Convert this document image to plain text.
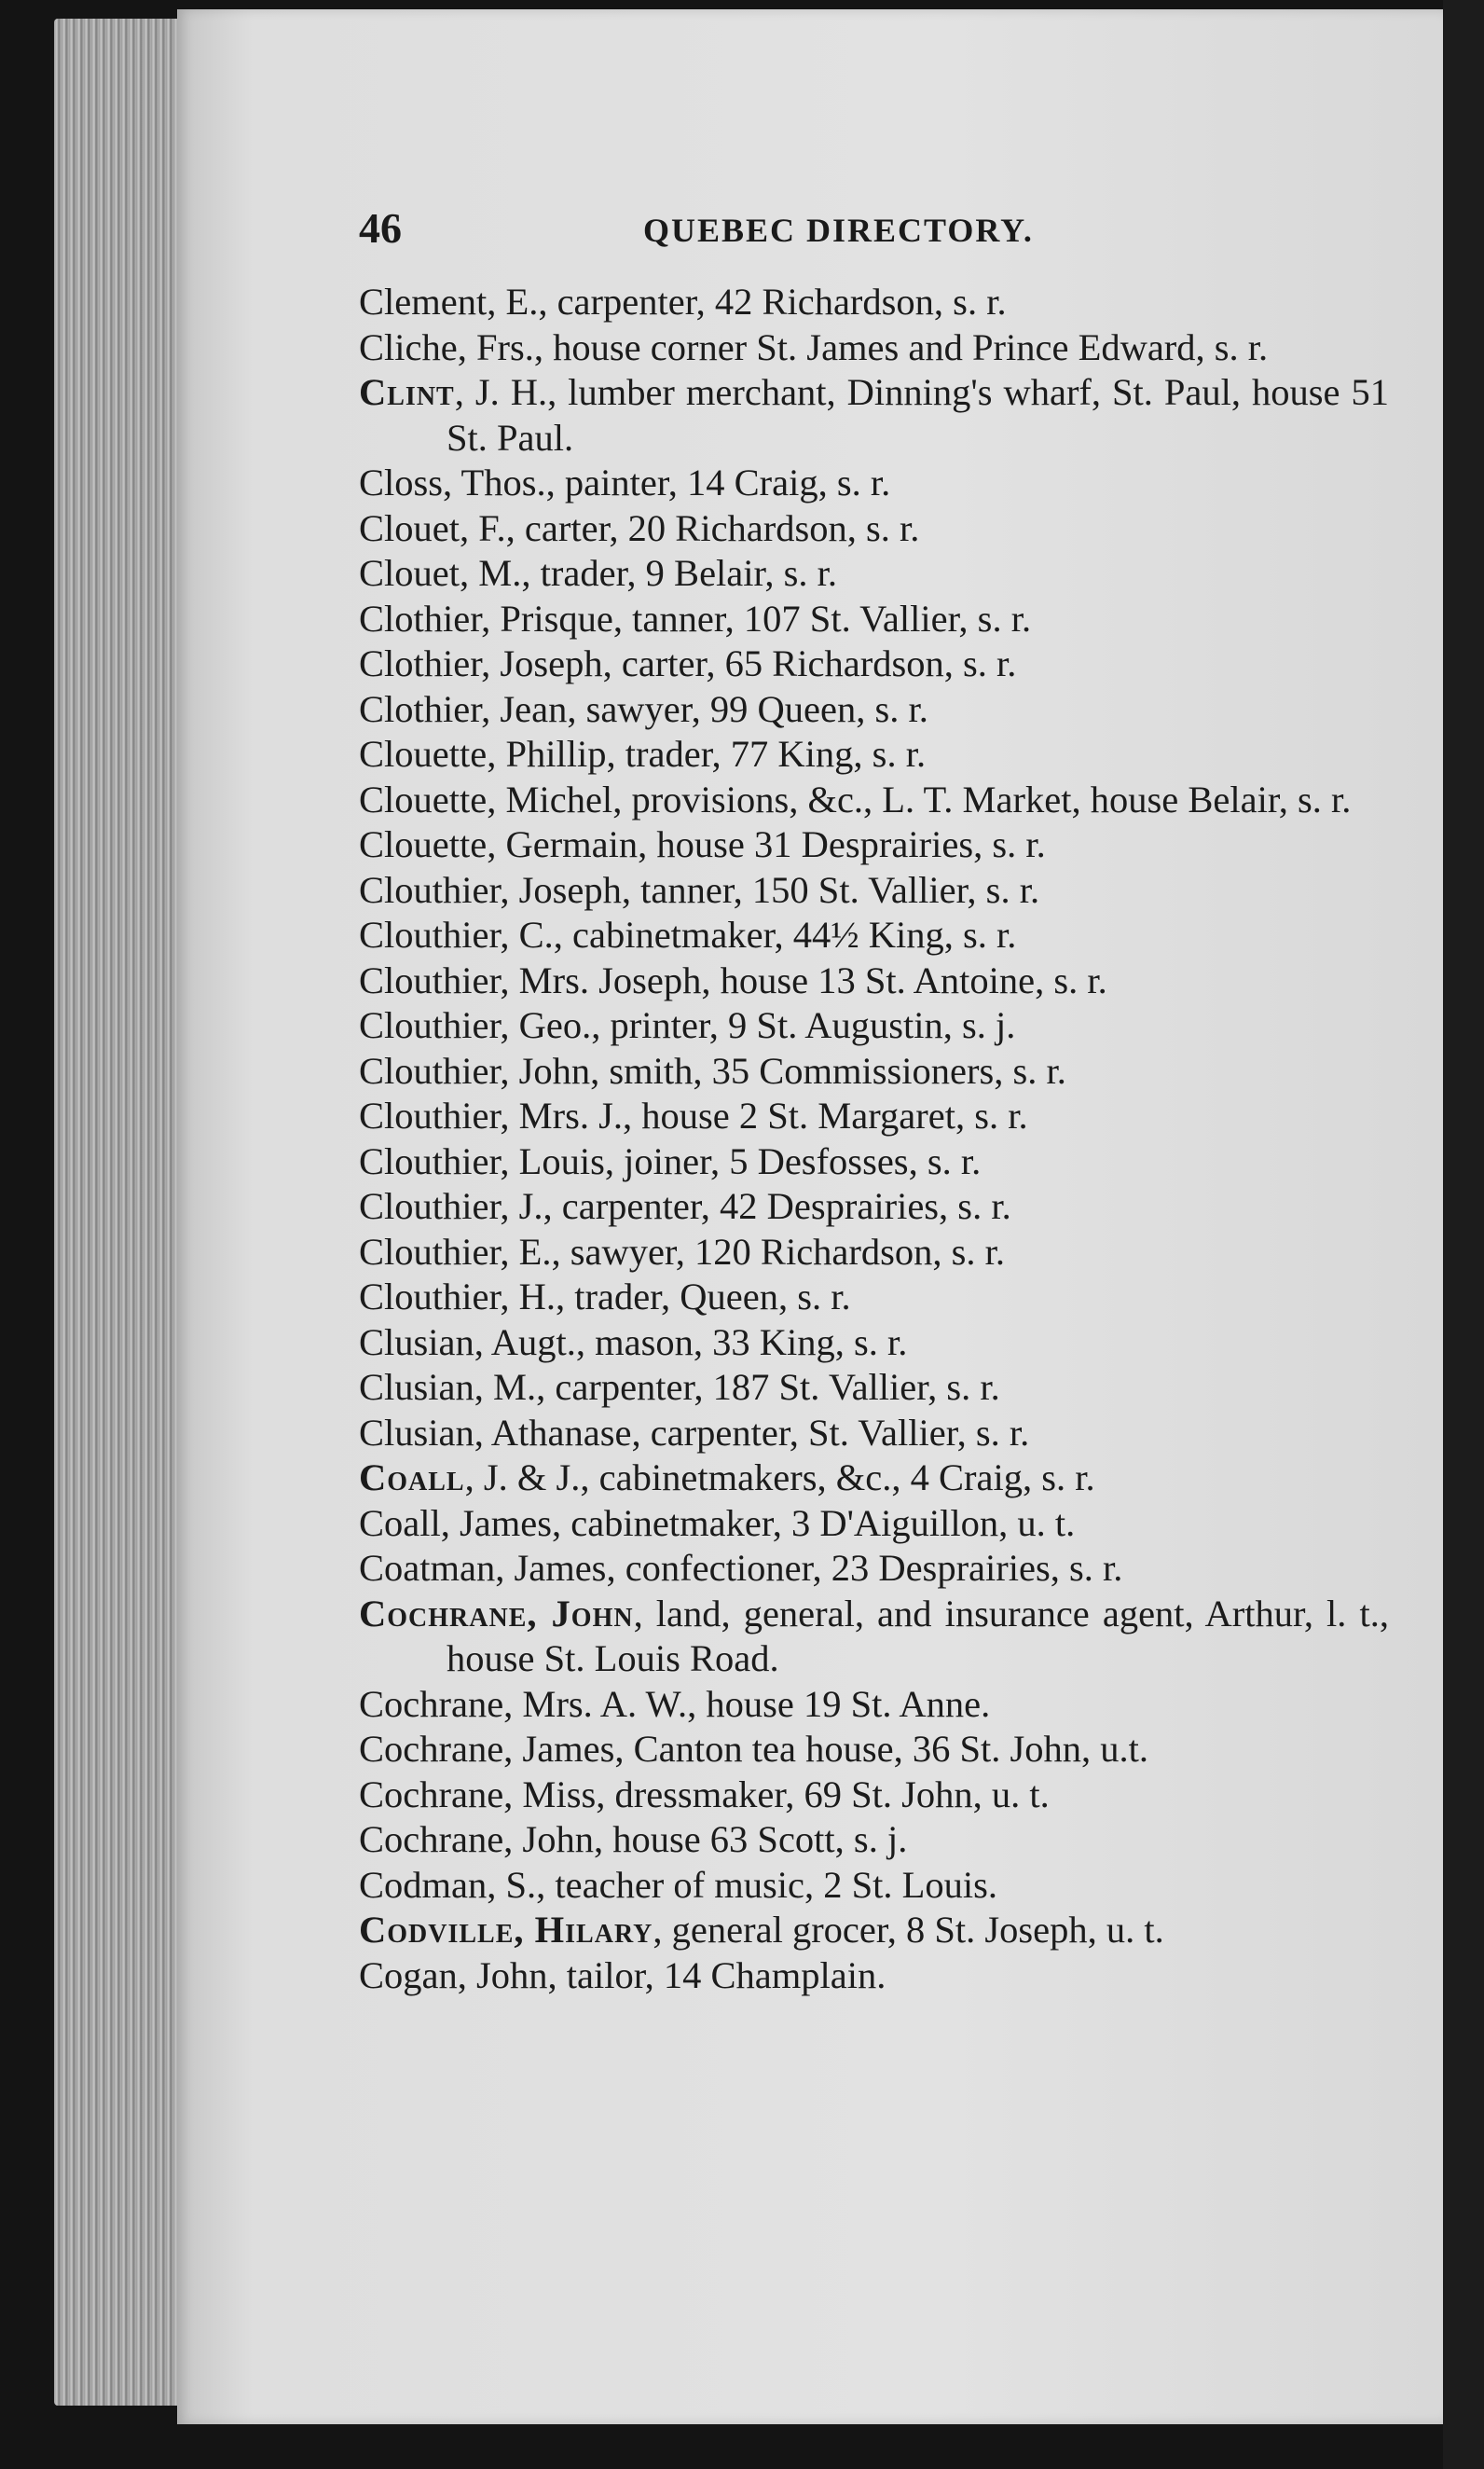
46	QUEBEC DIRECTORY.
Clement, E., carpenter, 42 Richardson, s. r.
Cliche, Frs., house corner St. James and Prince Edward, s. r.
Clint, J. H., lumber merchant, Dinning's wharf, St. Paul, house 51 St. Paul.
Closs, Thos., painter, 14 Craig, s. r.
Clouet, F., carter, 20 Richardson, s. r.
Clouet, M., trader, 9 Belair, s. r.
Clothier, Prisque, tanner, 107 St. Vallier, s. r.
Clothier, Joseph, carter, 65 Richardson, s. r.
Clothier, Jean, sawyer, 99 Queen, s. r.
Clouette, Phillip, trader, 77 King, s. r.
Clouette, Michel, provisions, &c., L. T. Market, house Belair, s. r.
Clouette, Germain, house 31 Desprairies, s. r.
Clouthier, Joseph, tanner, 150 St. Vallier, s. r.
Clouthier, C., cabinetmaker, 44½ King, s. r.
Clouthier, Mrs. Joseph, house 13 St. Antoine, s. r.
Clouthier, Geo., printer, 9 St. Augustin, s. j.
Clouthier, John, smith, 35 Commissioners, s. r.
Clouthier, Mrs. J., house 2 St. Margaret, s. r.
Clouthier, Louis, joiner, 5 Desfosses, s. r.
Clouthier, J., carpenter, 42 Desprairies, s. r.
Clouthier, E., sawyer, 120 Richardson, s. r.
Clouthier, H., trader, Queen, s. r.
Clusian, Augt., mason, 33 King, s. r.
Clusian, M., carpenter, 187 St. Vallier, s. r.
Clusian, Athanase, carpenter, St. Vallier, s. r.
Coall, J. & J., cabinetmakers, &c., 4 Craig, s. r.
Coall, James, cabinetmaker, 3 D'Aiguillon, u. t.
Coatman, James, confectioner, 23 Desprairies, s. r.
Cochrane, John, land, general, and insurance agent, Arthur, l. t., house St. Louis Road.
Cochrane, Mrs. A. W., house 19 St. Anne.
Cochrane, James, Canton tea house, 36 St. John, u.t.
Cochrane, Miss, dressmaker, 69 St. John, u. t.
Cochrane, John, house 63 Scott, s. j.
Codman, S., teacher of music, 2 St. Louis.
Codville, Hilary, general grocer, 8 St. Joseph, u. t.
Cogan, John, tailor, 14 Champlain.
